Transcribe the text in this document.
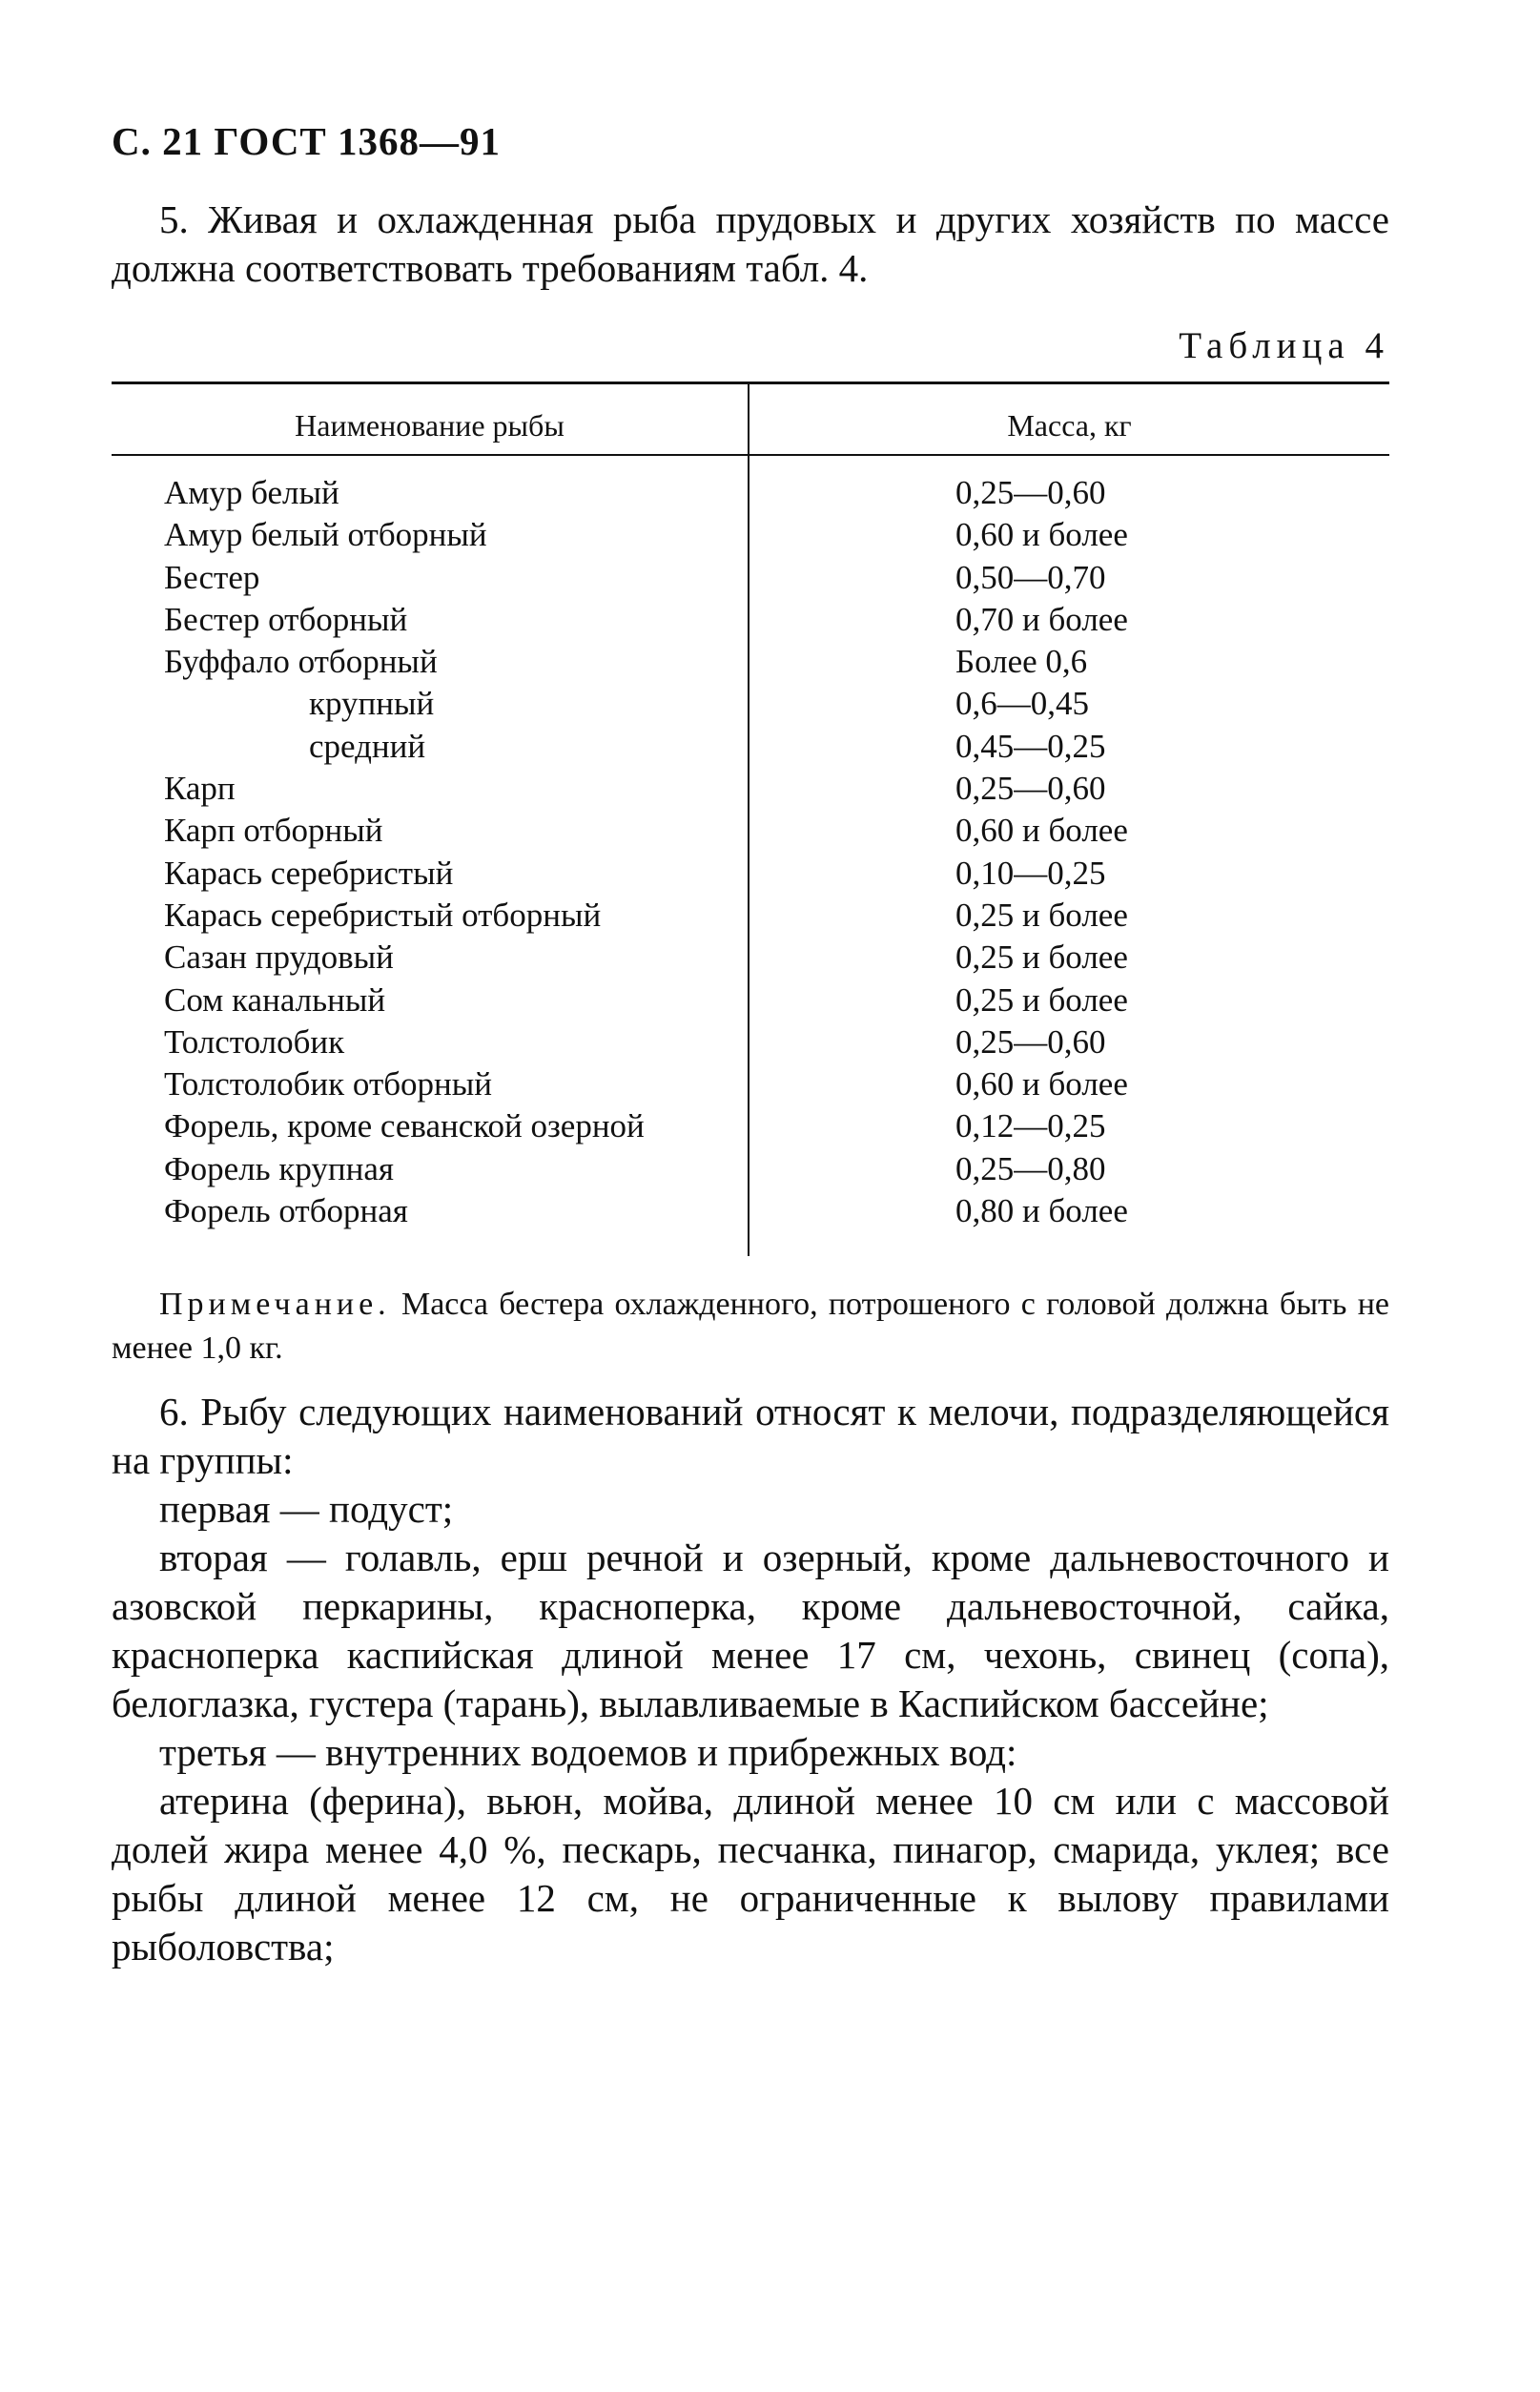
С. 21 ГОСТ 1368—91

5. Живая и охлажденная рыба прудовых и других хозяйств по массе должна соответствовать требованиям табл. 4.

Таблица 4
Наименование рыбы	Масса, кг
Амур белый	0,25—0,60
Амур белый отборный	0,60 и более
Бестер	0,50—0,70
Бестер отборный	0,70 и более
Буффало отборный	Более 0,6
крупный	0,6—0,45
средний	0,45—0,25
Карп	0,25—0,60
Карп отборный	0,60 и более
Карась серебристый	0,10—0,25
Карась серебристый отборный	0,25 и более
Сазан прудовый	0,25 и более
Сом канальный	0,25 и более
Толстолобик	0,25—0,60
Толстолобик отборный	0,60 и более
Форель, кроме севанской озерной	0,12—0,25
Форель крупная	0,25—0,80
Форель отборная	0,80 и более

Примечание. Масса бестера охлажденного, потрошеного с головой должна быть не менее 1,0 кг.

6. Рыбу следующих наименований относят к мелочи, подразделяющейся на группы:

первая — подуст;

вторая — голавль, ерш речной и озерный, кроме дальневосточного и азовской перкарины, красноперка, кроме дальневосточной, сайка, красноперка каспийская длиной менее 17 см, чехонь, свинец (сопа), белоглазка, густера (тарань), вылавливаемые в Каспийском бассейне;

третья — внутренних водоемов и прибрежных вод:

атерина (ферина), вьюн, мойва, длиной менее 10 см или с массовой долей жира менее 4,0 %, пескарь, песчанка, пинагор, смарида, уклея; все рыбы длиной менее 12 см, не ограниченные к вылову правилами рыболовства;
